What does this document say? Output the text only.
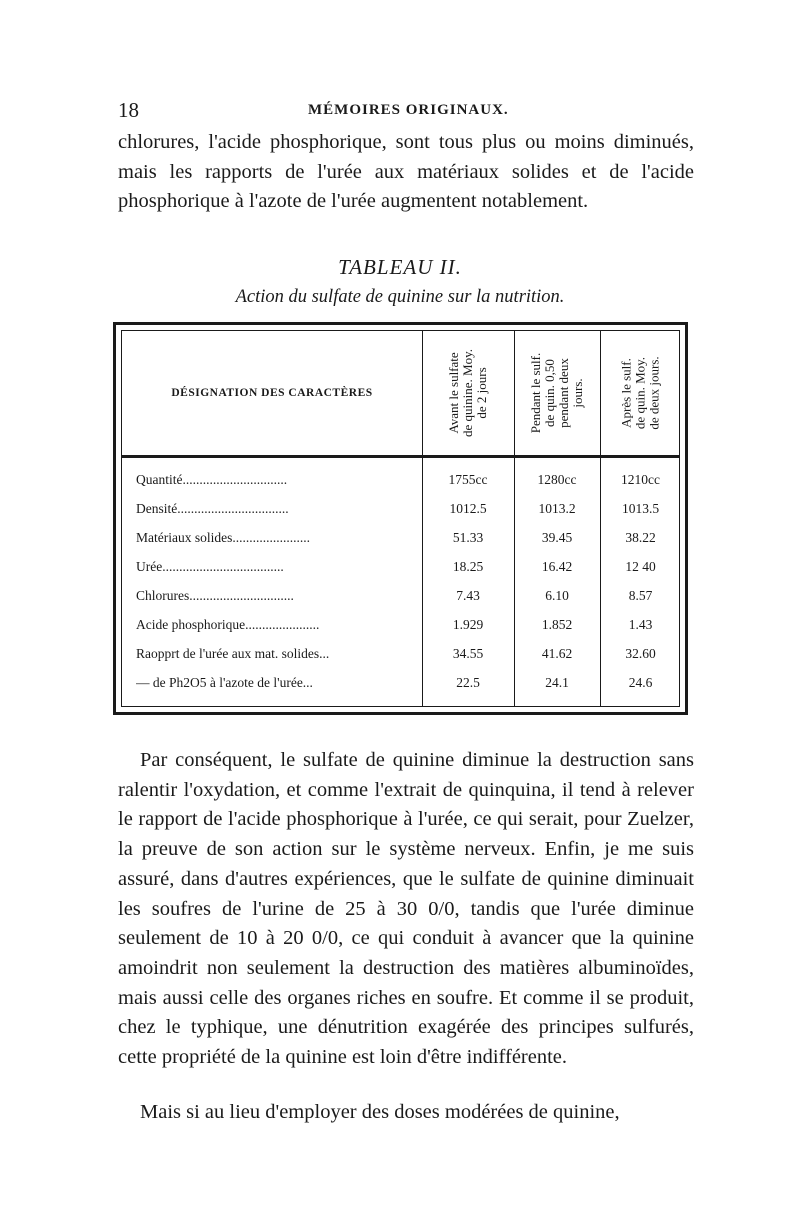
18	MÉMOIRES ORIGINAUX.

chlorures, l'acide phosphorique, sont tous plus ou moins diminués, mais les rapports de l'urée aux matériaux solides et de l'acide phosphorique à l'azote de l'urée augmentent notablement.

TABLEAU II.
Action du sulfate de quinine sur la nutrition.
DÉSIGNATION DES CARACTÈRES	Avant le sulfate de quinine. Moy. de 2 jours	Pendant le sulf. de quin. 0,50 pendant deux jours.	Après le sulf. de quin. Moy. de deux jours.
Quantité...............................	1755cc	1280cc	1210cc
Densité.................................	1012.5	1013.2	1013.5
Matériaux solides.......................	51.33	39.45	38.22
Urée....................................	18.25	16.42	12 40
Chlorures...............................	7.43	6.10	8.57
Acide phosphorique......................	1.929	1.852	1.43
Raopprt de l'urée aux mat. solides...	34.55	41.62	32.60
— de Ph2O5 à l'azote de l'urée...	22.5	24.1	24.6

Par conséquent, le sulfate de quinine diminue la destruction sans ralentir l'oxydation, et comme l'extrait de quinquina, il tend à relever le rapport de l'acide phosphorique à l'urée, ce qui serait, pour Zuelzer, la preuve de son action sur le système nerveux. Enfin, je me suis assuré, dans d'autres expériences, que le sulfate de quinine diminuait les soufres de l'urine de 25 à 30 0/0, tandis que l'urée diminue seulement de 10 à 20 0/0, ce qui conduit à avancer que la quinine amoindrit non seulement la destruction des matières albuminoïdes, mais aussi celle des organes riches en soufre. Et comme il se produit, chez le typhique, une dénutrition exagérée des principes sulfurés, cette propriété de la quinine est loin d'être indifférente.

Mais si au lieu d'employer des doses modérées de quinine,
